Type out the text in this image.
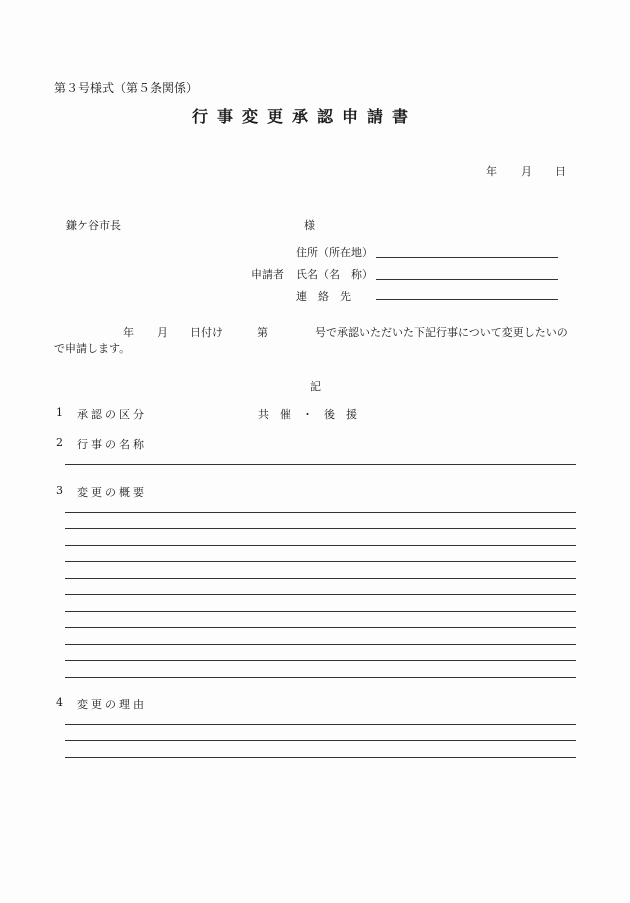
第３号様式（第５条関係）
行事変更承認申請書
年 月 日
鎌ケ谷市長	様
申請者
住所（所在地）
氏名（名　称）
連　絡　先
年 月 日付け	第	号で承認いただいた下記行事について変更したいの
で申請します。
記
1 承認の区分	共　催　・　後　援
2 行事の名称
3 変更の概要
4 変更の理由
